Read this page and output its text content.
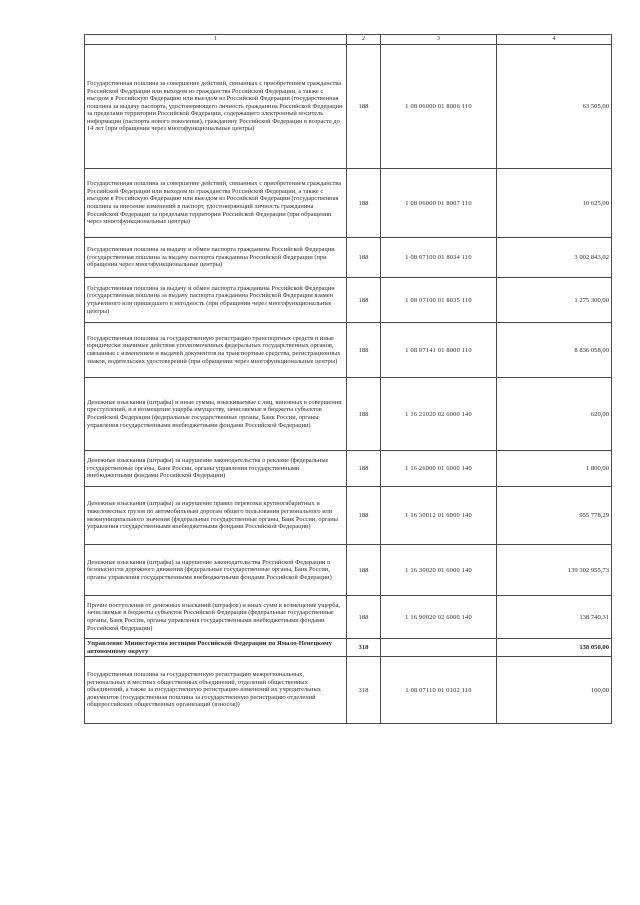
1	2	3	4
Государственная пошлина за совершение действий, связанных с приобретением гражданства Российской Федерации или выходом из гражданства Российской Федерации, а также с въездом в Российскую Федерацию или выездом из Российской Федерации (государственная пошлина за выдачу паспорта, удостоверяющего личность гражданина Российской Федерации за пределами территории Российской Федерации, содержащего электронный носитель информации (паспорта нового поколения), гражданину Российской Федерации в возрасте до 14 лет (при обращении через многофункциональные центры)	188	1 08 06000 01 8006 110	63 505,00
Государственная пошлина за совершение действий, связанных с приобретением гражданства Российской Федерации или выходом из гражданства Российской Федерации, а также с въездом в Российскую Федерацию или выездом из Российской Федерации (государственная пошлина за внесение изменений в паспорт, удостоверяющий личность гражданина Российской Федерации за пределами территории Российской Федерации (при обращении через многофункциональные центры)	188	1 08 06000 01 8007 110	10 625,00
Государственная пошлина за выдачу и обмен паспорта гражданина Российской Федерации (государственная пошлина за выдачу паспорта гражданина Российской Федерации (при обращении через многофункциональные центры)	188	1 08 07100 01 8034 110	3 002 843,02
Государственная пошлина за выдачу и обмен паспорта гражданина Российской Федерации (государственная пошлина за выдачу паспорта гражданина Российской Федерации взамен утраченного или пришедшего в негодность (при обращении через многофункциональные центры)	188	1 08 07100 01 8035 110	1 275 300,00
Государственная пошлина за государственную регистрацию транспортных средств и иные юридически значимые действия уполномоченных федеральных государственных органов, связанные с изменением и выдачей документов на транспортные средства, регистрационных знаков, водительских удостоверений (при обращении через многофункциональные центры)	188	1 08 07141 01 8000 110	8 836 058,00
Денежные взыскания (штрафы) и иные суммы, взыскиваемые с лиц, виновных в совершении преступлений, и в возмещение ущерба имуществу, зачисляемые в бюджеты субъектов Российской Федерации (федеральные государственные органы, Банк России, органы управления государственными внебюджетными фондами Российской Федерации)	188	1 16 21020 02 6000 140	620,00
Денежные взыскания (штрафы) за нарушение законодательства о рекламе (федеральные государственные органы, Банк России, органы управления государственными внебюджетными фондами Российской Федерации)	188	1 16 26000 01 6000 140	1 800,00
Денежные взыскания (штрафы) за нарушение правил перевозки крупногабаритных и тяжеловесных грузов по автомобильным дорогам общего пользования регионального или межмуниципального значения (федеральные государственные органы, Банк России, органы управления государственными внебюджетными фондами Российской Федерации)	188	1 16 30012 01 6000 140	955 778,29
Денежные взыскания (штрафы) за нарушение законодательства Российской Федерации о безопасности дорожного движения (федеральные государственные органы, Банк России, органы управления государственными внебюджетными фондами Российской Федерации)	188	1 16 30020 01 6000 140	139 302 955,73
Прочие поступления от денежных взысканий (штрафов) и иных сумм в возмещение ущерба, зачисляемые в бюджеты субъектов Российской Федерации (федеральные государственные органы, Банк России, органы управления государственными внебюджетными фондами Российской Федерации)	188	1 16 90020 02 6000 140	138 740,31
Управление Министерства юстиции Российской Федерации по Ямало-Ненецкому автономному округу	318		138 050,00
Государственная пошлина за государственную регистрацию межрегиональных, региональных и местных общественных объединений, отделений общественных объединений, а также за государственную регистрацию изменений их учредительных документов (государственная пошлина за государственную регистрацию отделений общероссийских общественных организаций (взносов))	318	1 08 07110 01 0102 110	100,00
